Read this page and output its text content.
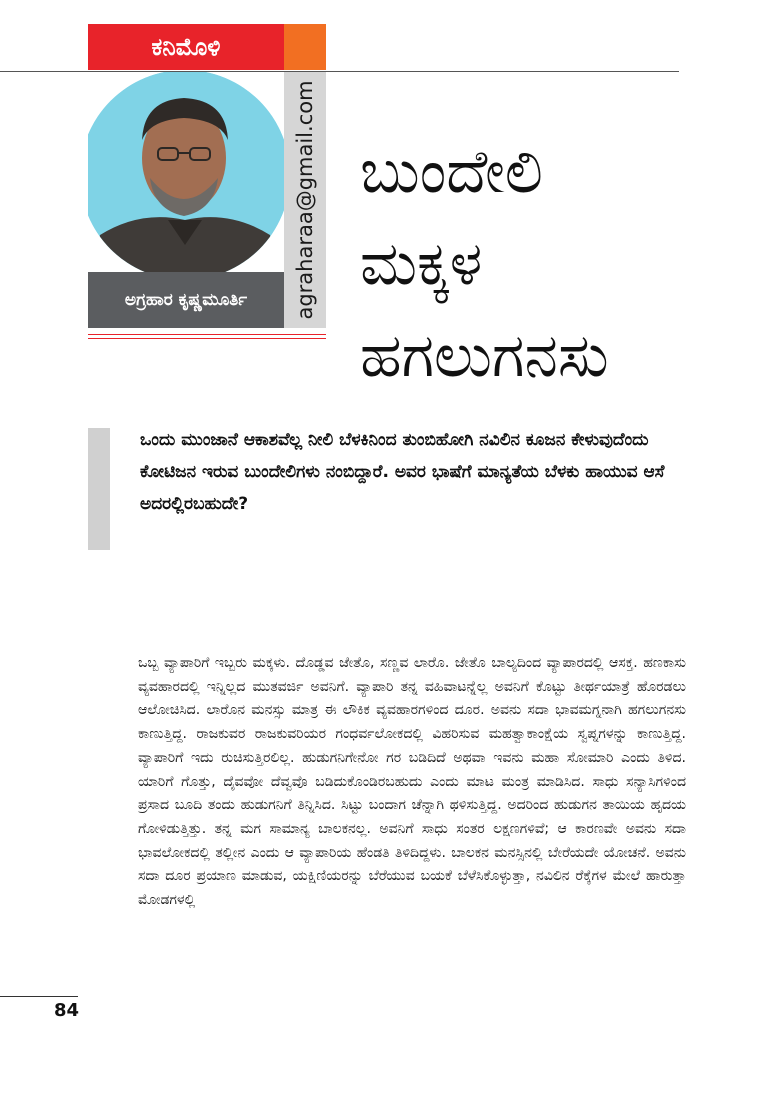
ಕನಿಮೊಳಿ
ಅಗ್ರಹಾರ ಕೃಷ್ಣಮೂರ್ತಿ	agraharaa@gmail.com ಬುಂದೇಲಿ
ಮಕ್ಕಳ
ಹಗಲುಗನಸು

ಒಂದು ಮುಂಜಾನೆ ಆಕಾಶವೆಲ್ಲ ನೀಲಿ ಬೆಳಕಿನಿಂದ ತುಂಬಿಹೋಗಿ ನವಿಲಿನ ಕೂಜನ ಕೇಳುವುದೆಂದು ಕೋಟಿಜನ ಇರುವ ಬುಂದೇಲಿಗಳು ನಂಬಿದ್ದಾರೆ. ಅವರ ಭಾಷೆಗೆ ಮಾನ್ಯತೆಯ ಬೆಳಕು ಹಾಯುವ ಆಸೆ ಅದರಲ್ಲಿರಬಹುದೇ?

ಒಬ್ಬ ವ್ಯಾಪಾರಿಗೆ ಇಬ್ಬರು ಮಕ್ಕಳು. ದೊಡ್ಡವ ಜೇತೊ, ಸಣ್ಣವ ಲಾರೊ. ಜೇತೊ ಬಾಲ್ಯದಿಂದ ವ್ಯಾಪಾರದಲ್ಲಿ ಆಸಕ್ತ. ಹಣಕಾಸು ವ್ಯವಹಾರದಲ್ಲಿ ಇನ್ನಿಲ್ಲದ ಮುತವರ್ಜಿ ಅವನಿಗೆ. ವ್ಯಾಪಾರಿ ತನ್ನ ವಹಿವಾಟನ್ನೆಲ್ಲ ಅವನಿಗೆ ಕೊಟ್ಟು ತೀರ್ಥಯಾತ್ರೆ ಹೊರಡಲು ಆಲೋಚಿಸಿದ. ಲಾರೊನ ಮನಸ್ಸು ಮಾತ್ರ ಈ ಲೌಕಿಕ ವ್ಯವಹಾರಗಳಿಂದ ದೂರ. ಅವನು ಸದಾ ಭಾವಮಗ್ನನಾಗಿ ಹಗಲುಗನಸು ಕಾಣುತ್ತಿದ್ದ. ರಾಜಕುವರ ರಾಜಕುವರಿಯರ ಗಂಧರ್ವಲೋಕದಲ್ಲಿ ವಿಹರಿಸುವ ಮಹತ್ವಾಕಾಂಕ್ಷೆಯ ಸ್ವಪ್ನಗಳನ್ನು ಕಾಣುತ್ತಿದ್ದ. ವ್ಯಾಪಾರಿಗೆ ಇದು ರುಚಿಸುತ್ತಿರಲಿಲ್ಲ. ಹುಡುಗನಿಗೇನೋ ಗರ ಬಡಿದಿದೆ ಅಥವಾ ಇವನು ಮಹಾ ಸೋಮಾರಿ ಎಂದು ತಿಳಿದ. ಯಾರಿಗೆ ಗೊತ್ತು, ದೈವವೋ ದೆವ್ವವೊ ಬಡಿದುಕೊಂಡಿರಬಹುದು ಎಂದು ಮಾಟ ಮಂತ್ರ ಮಾಡಿಸಿದ. ಸಾಧು ಸನ್ಯಾಸಿಗಳಿಂದ ಪ್ರಸಾದ ಬೂದಿ ತಂದು ಹುಡುಗನಿಗೆ ತಿನ್ನಿಸಿದ. ಸಿಟ್ಟು ಬಂದಾಗ ಚೆನ್ನಾಗಿ ಥಳಿಸುತ್ತಿದ್ದ. ಅದರಿಂದ ಹುಡುಗನ ತಾಯಿಯ ಹೃದಯ ಗೋಳಿಡುತ್ತಿತ್ತು. ತನ್ನ ಮಗ ಸಾಮಾನ್ಯ ಬಾಲಕನಲ್ಲ. ಅವನಿಗೆ ಸಾಧು ಸಂತರ ಲಕ್ಷಣಗಳಿವೆ; ಆ ಕಾರಣವೇ ಅವನು ಸದಾ ಭಾವಲೋಕದಲ್ಲಿ ತಲ್ಲೀನ ಎಂದು ಆ ವ್ಯಾಪಾರಿಯ ಹೆಂಡತಿ ತಿಳಿದಿದ್ದಳು. ಬಾಲಕನ ಮನಸ್ಸಿನಲ್ಲಿ ಬೇರೆಯದೇ ಯೋಚನೆ. ಅವನು ಸದಾ ದೂರ ಪ್ರಯಾಣ ಮಾಡುವ, ಯಕ್ಷಿಣಿಯರನ್ನು ಬೆರೆಯುವ ಬಯಕೆ ಬೆಳೆಸಿಕೊಳ್ಳುತ್ತಾ, ನವಿಲಿನ ರೆಕ್ಕೆಗಳ ಮೇಲೆ ಹಾರುತ್ತಾ ಮೋಡಗಳಲ್ಲಿ

84
